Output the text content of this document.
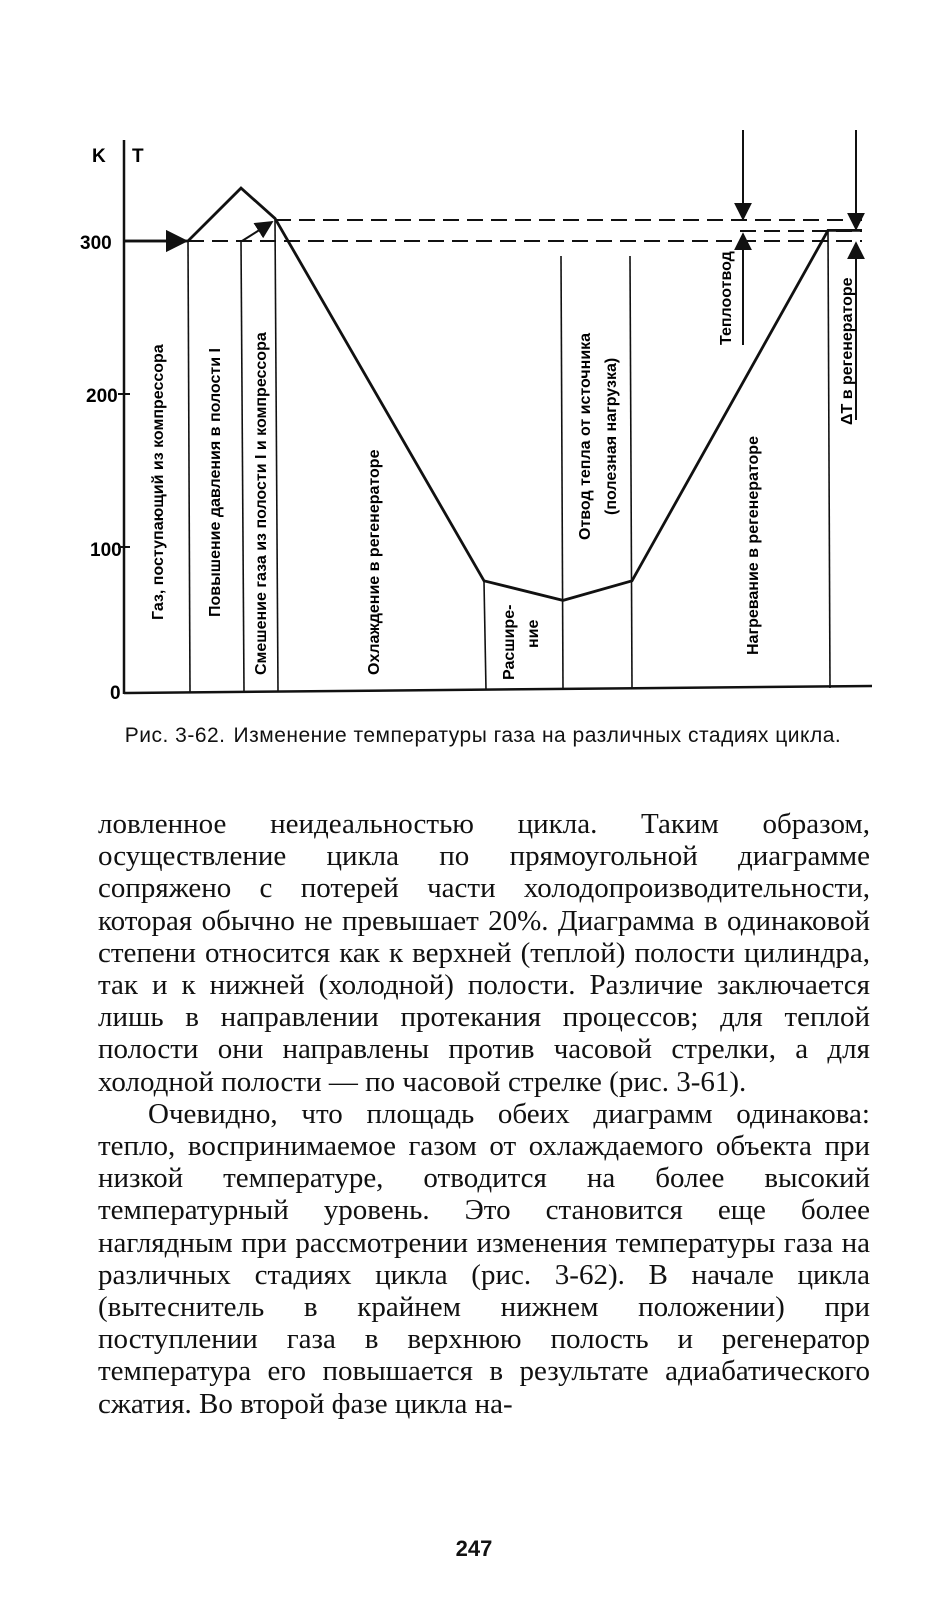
K T
300
200
100
0
Газ, поступающий из компрессора	Повышение давления в полости I Смешение газа из полости I и компрессора	Охлаждение в регенераторе	Расшире- ние
Отвод тепла от источника (полезная нагрузка)	Нагревание в регенераторе
Теплоотвод	ΔT в регенераторе
Рис. 3-62. Изменение температуры газа на различных стадиях цикла.

ловленное неидеальностью цикла. Таким образом, осуществление цикла по прямоугольной диаграмме сопряжено с потерей части холодопроизводительности, которая обычно не превышает 20%. Диаграмма в одинаковой степени относится как к верхней (теплой) полости цилиндра, так и к нижней (холодной) полости. Различие заключается лишь в направлении протекания процессов; для теплой полости они направлены против часовой стрелки, а для холодной полости — по часовой стрелке (рис. 3-61).

Очевидно, что площадь обеих диаграмм одинакова: тепло, воспринимаемое газом от охлаждаемого объекта при низкой температуре, отводится на более высокий температурный уровень. Это становится еще более наглядным при рассмотрении изменения температуры газа на различных стадиях цикла (рис. 3-62). В начале цикла (вытеснитель в крайнем нижнем положении) при поступлении газа в верхнюю полость и регенератор температура его повышается в результате адиабатического сжатия. Во второй фазе цикла на-

247
